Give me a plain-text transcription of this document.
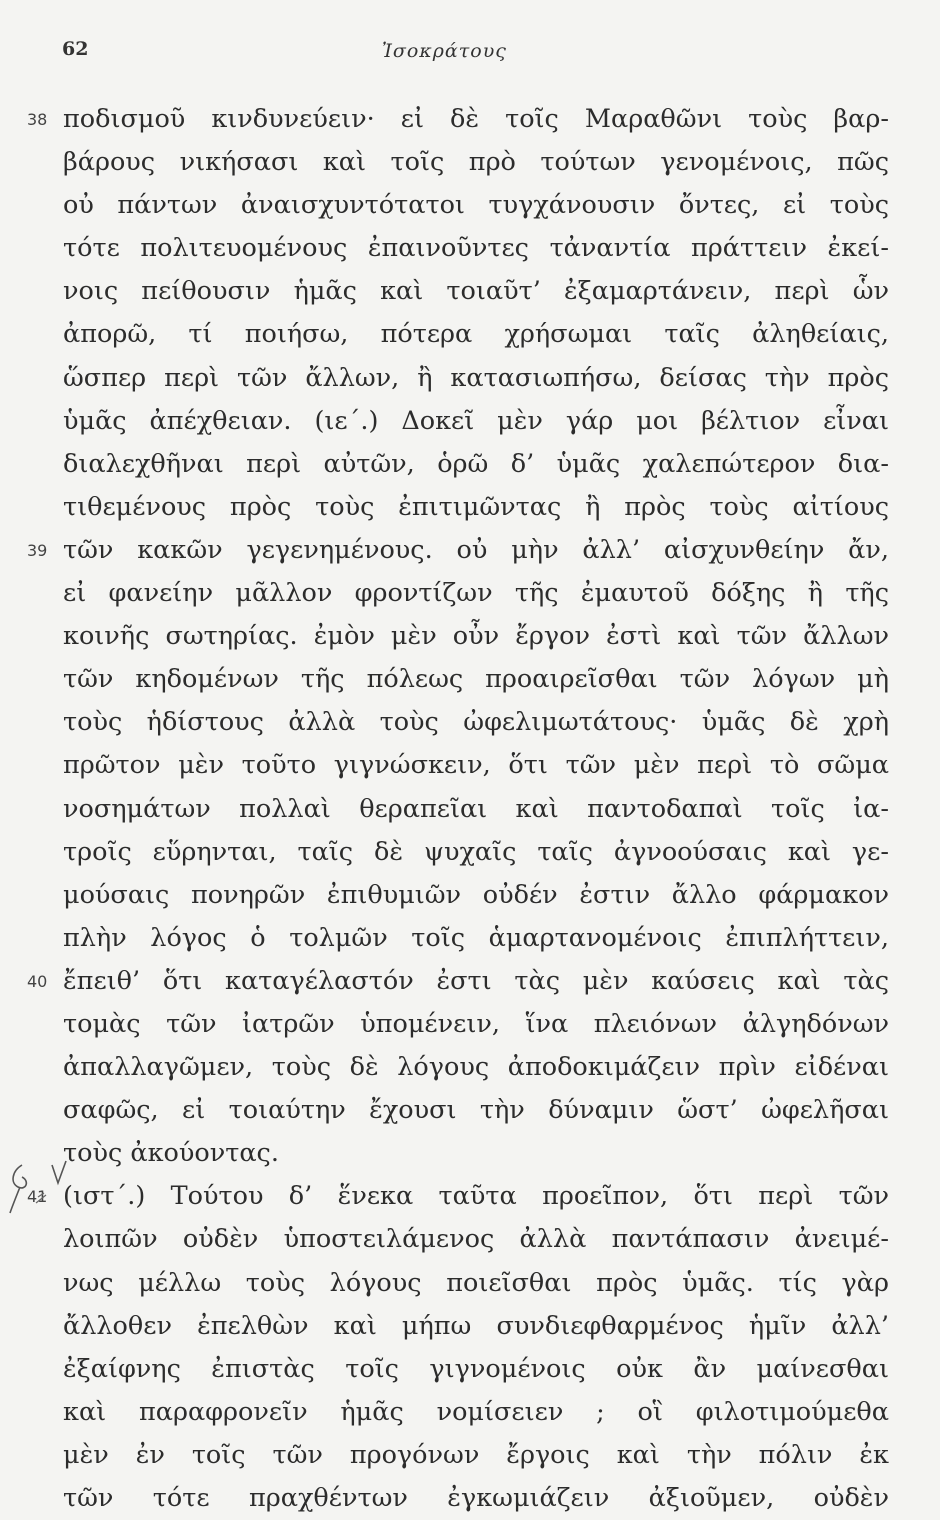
62	Ἰσοκράτους
38 ποδισμοῦ κινδυνεύειν· εἰ δὲ τοῖς Μαραθῶνι τοὺς βαρ-
βάρους νικήσασι καὶ τοῖς πρὸ τούτων γενομένοις, πῶς
οὐ πάντων ἀναισχυντότατοι τυγχάνουσιν ὄντες, εἰ τοὺς
τότε πολιτευομένους ἐπαινοῦντες τἀναντία πράττειν ἐκεί-
νοις πείθουσιν ἡμᾶς καὶ τοιαῦτ’ ἐξαμαρτάνειν, περὶ ὧν
ἀπορῶ, τί ποιήσω, πότερα χρήσωμαι ταῖς ἀληθείαις,
ὥσπερ περὶ τῶν ἄλλων, ἢ κατασιωπήσω, δείσας τὴν πρὸς
ὑμᾶς ἀπέχθειαν. (ιε΄.) Δοκεῖ μὲν γάρ μοι βέλτιον εἶναι
διαλεχθῆναι περὶ αὐτῶν, ὁρῶ δ’ ὑμᾶς χαλεπώτερον δια-
τιθεμένους πρὸς τοὺς ἐπιτιμῶντας ἢ πρὸς τοὺς αἰτίους
39 τῶν κακῶν γεγενημένους. οὐ μὴν ἀλλ’ αἰσχυνθείην ἄν,
εἰ φανείην μᾶλλον φροντίζων τῆς ἐμαυτοῦ δόξης ἢ τῆς
κοινῆς σωτηρίας. ἐμὸν μὲν οὖν ἔργον ἐστὶ καὶ τῶν ἄλλων
τῶν κηδομένων τῆς πόλεως προαιρεῖσθαι τῶν λόγων μὴ
τοὺς ἡδίστους ἀλλὰ τοὺς ὠφελιμωτάτους· ὑμᾶς δὲ χρὴ
πρῶτον μὲν τοῦτο γιγνώσκειν, ὅτι τῶν μὲν περὶ τὸ σῶμα
νοσημάτων πολλαὶ θεραπεῖαι καὶ παντοδαπαὶ τοῖς ἰα-
τροῖς εὕρηνται, ταῖς δὲ ψυχαῖς ταῖς ἀγνοούσαις καὶ γε-
μούσαις πονηρῶν ἐπιθυμιῶν οὐδέν ἐστιν ἄλλο φάρμακον
πλὴν λόγος ὁ τολμῶν τοῖς ἁμαρτανομένοις ἐπιπλήττειν,
40 ἔπειθ’ ὅτι καταγέλαστόν ἐστι τὰς μὲν καύσεις καὶ τὰς
τομὰς τῶν ἰατρῶν ὑπομένειν, ἵνα πλειόνων ἀλγηδόνων
ἀπαλλαγῶμεν, τοὺς δὲ λόγους ἀποδοκιμάζειν πρὶν εἰδέναι
σαφῶς, εἰ τοιαύτην ἔχουσι τὴν δύναμιν ὥστ’ ὠφελῆσαι
τοὺς ἀκούοντας.
41 (ιστ΄.) Τούτου δ’ ἕνεκα ταῦτα προεῖπον, ὅτι περὶ τῶν
λοιπῶν οὐδὲν ὑποστειλάμενος ἀλλὰ παντάπασιν ἀνειμέ-
νως μέλλω τοὺς λόγους ποιεῖσθαι πρὸς ὑμᾶς. τίς γὰρ
ἄλλοθεν ἐπελθὼν καὶ μήπω συνδιεφθαρμένος ἡμῖν ἀλλ’
ἐξαίφνης ἐπιστὰς τοῖς γιγνομένοις οὐκ ἂν μαίνεσθαι
καὶ παραφρονεῖν ἡμᾶς νομίσειεν ; οἳ φιλοτιμούμεθα
μὲν ἐν τοῖς τῶν προγόνων ἔργοις καὶ τὴν πόλιν ἐκ
τῶν τότε πραχθέντων ἐγκωμιάζειν ἀξιοῦμεν, οὐδὲν
